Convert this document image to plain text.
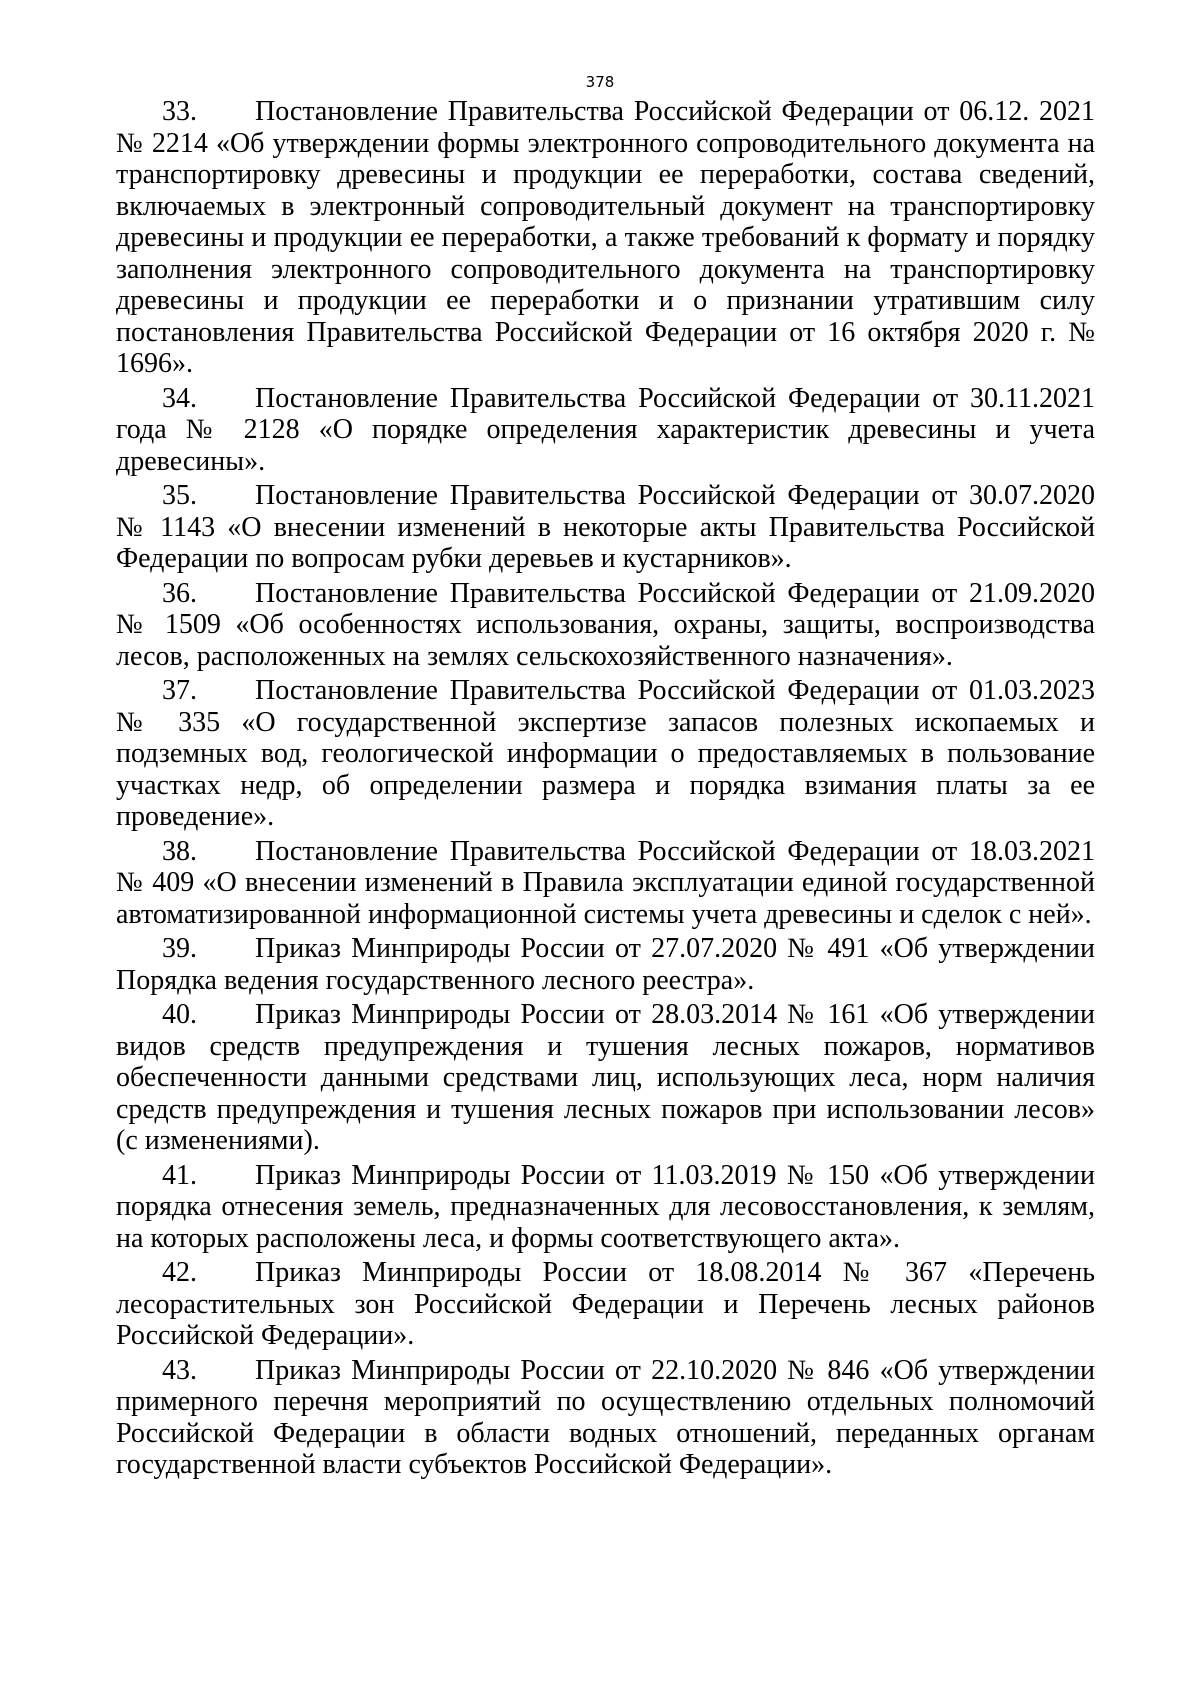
378

33. Постановление Правительства Российской Федерации от 06.12. 2021 № 2214 «Об утверждении формы электронного сопроводительного документа на транспортировку древесины и продукции ее переработки, состава сведений, включаемых в электронный сопроводительный документ на транспортировку древесины и продукции ее переработки, а также требований к формату и порядку заполнения электронного сопроводительного документа на транспортировку древесины и продукции ее переработки и о признании утратившим силу постановления Правительства Российской Федерации от 16 октября 2020 г. № 1696».

34. Постановление Правительства Российской Федерации от 30.11.2021 года № 2128 «О порядке определения характеристик древесины и учета древесины».

35. Постановление Правительства Российской Федерации от 30.07.2020 № 1143 «О внесении изменений в некоторые акты Правительства Российской Федерации по вопросам рубки деревьев и кустарников».

36. Постановление Правительства Российской Федерации от 21.09.2020 № 1509 «Об особенностях использования, охраны, защиты, воспроизводства лесов, расположенных на землях сельскохозяйственного назначения».

37. Постановление Правительства Российской Федерации от 01.03.2023 № 335 «О государственной экспертизе запасов полезных ископаемых и подземных вод, геологической информации о предоставляемых в пользование участках недр, об определении размера и порядка взимания платы за ее проведение».

38. Постановление Правительства Российской Федерации от 18.03.2021 № 409 «О внесении изменений в Правила эксплуатации единой государственной автоматизированной информационной системы учета древесины и сделок с ней».

39. Приказ Минприроды России от 27.07.2020 № 491 «Об утверждении Порядка ведения государственного лесного реестра».

40. Приказ Минприроды России от 28.03.2014 № 161 «Об утверждении видов средств предупреждения и тушения лесных пожаров, нормативов обеспеченности данными средствами лиц, использующих леса, норм наличия средств предупреждения и тушения лесных пожаров при использовании лесов» (с изменениями).

41. Приказ Минприроды России от 11.03.2019 № 150 «Об утверждении порядка отнесения земель, предназначенных для лесовосстановления, к землям, на которых расположены леса, и формы соответствующего акта».

42. Приказ Минприроды России от 18.08.2014 № 367 «Перечень лесорастительных зон Российской Федерации и Перечень лесных районов Российской Федерации».

43. Приказ Минприроды России от 22.10.2020 № 846 «Об утверждении примерного перечня мероприятий по осуществлению отдельных полномочий Российской Федерации в области водных отношений, переданных органам государственной власти субъектов Российской Федерации».
